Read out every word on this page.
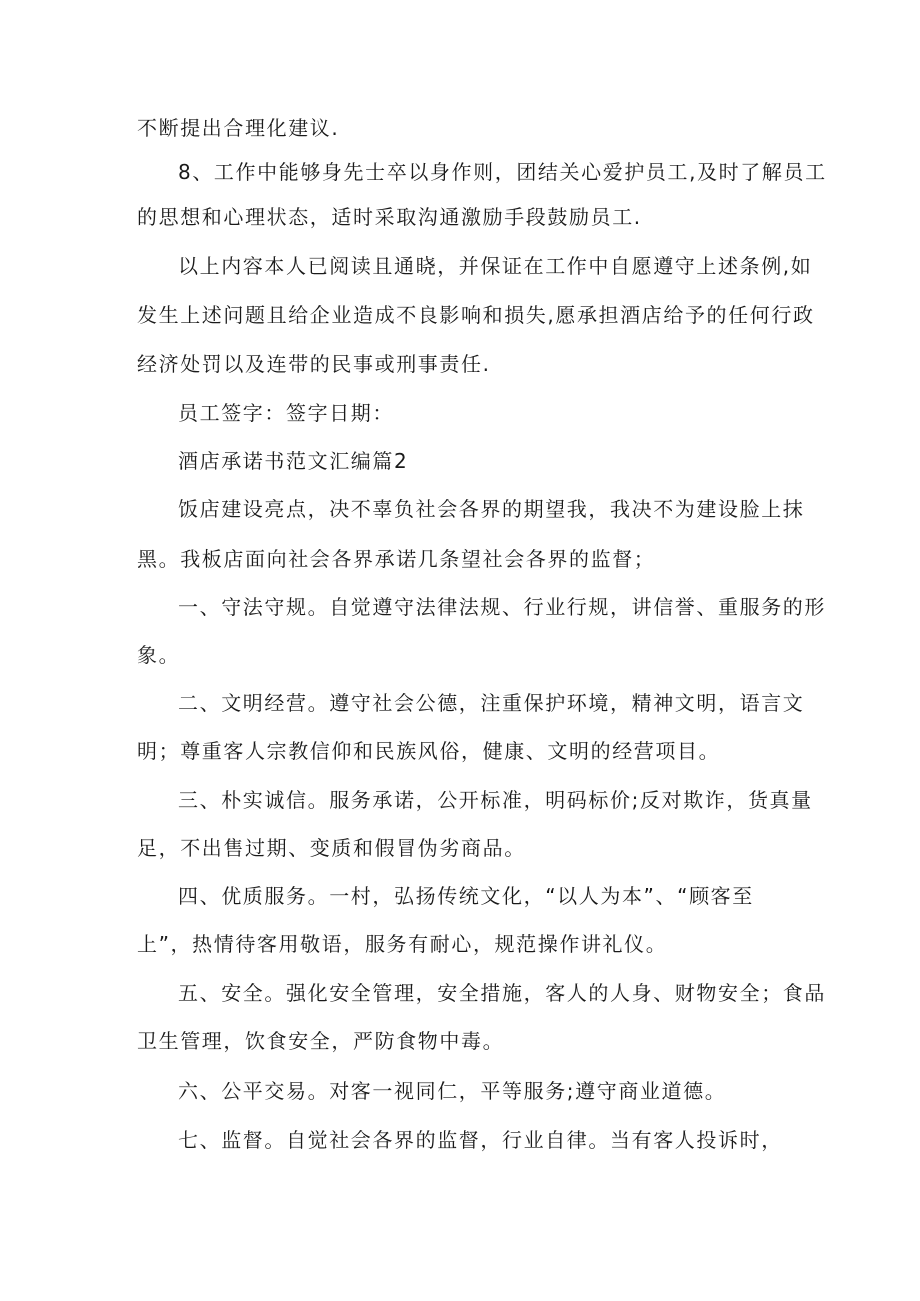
不断提出合理化建议.
8、工作中能够身先士卒以身作则，团结关心爱护员工,及时了解员工
的思想和心理状态，适时采取沟通激励手段鼓励员工.
以上内容本人已阅读且通晓，并保证在工作中自愿遵守上述条例,如
发生上述问题且给企业造成不良影响和损失,愿承担酒店给予的任何行政
经济处罚以及连带的民事或刑事责任.
员工签字：签字日期：
酒店承诺书范文汇编篇2
饭店建设亮点，决不辜负社会各界的期望我，我决不为建设脸上抹
黑。我板店面向社会各界承诺几条望社会各界的监督；
一、守法守规。自觉遵守法律法规、行业行规，讲信誉、重服务的形
象。
二、文明经营。遵守社会公德，注重保护环境，精神文明，语言文
明；尊重客人宗教信仰和民族风俗，健康、文明的经营项目。
三、朴实诚信。服务承诺，公开标准，明码标价;反对欺诈，货真量
足，不出售过期、变质和假冒伪劣商品。
四、优质服务。一村，弘扬传统文化，“以人为本”、“顾客至
上”，热情待客用敬语，服务有耐心，规范操作讲礼仪。
五、安全。强化安全管理，安全措施，客人的人身、财物安全；食品
卫生管理，饮食安全，严防食物中毒。
六、公平交易。对客一视同仁，平等服务;遵守商业道德。
七、监督。自觉社会各界的监督，行业自律。当有客人投诉时，
